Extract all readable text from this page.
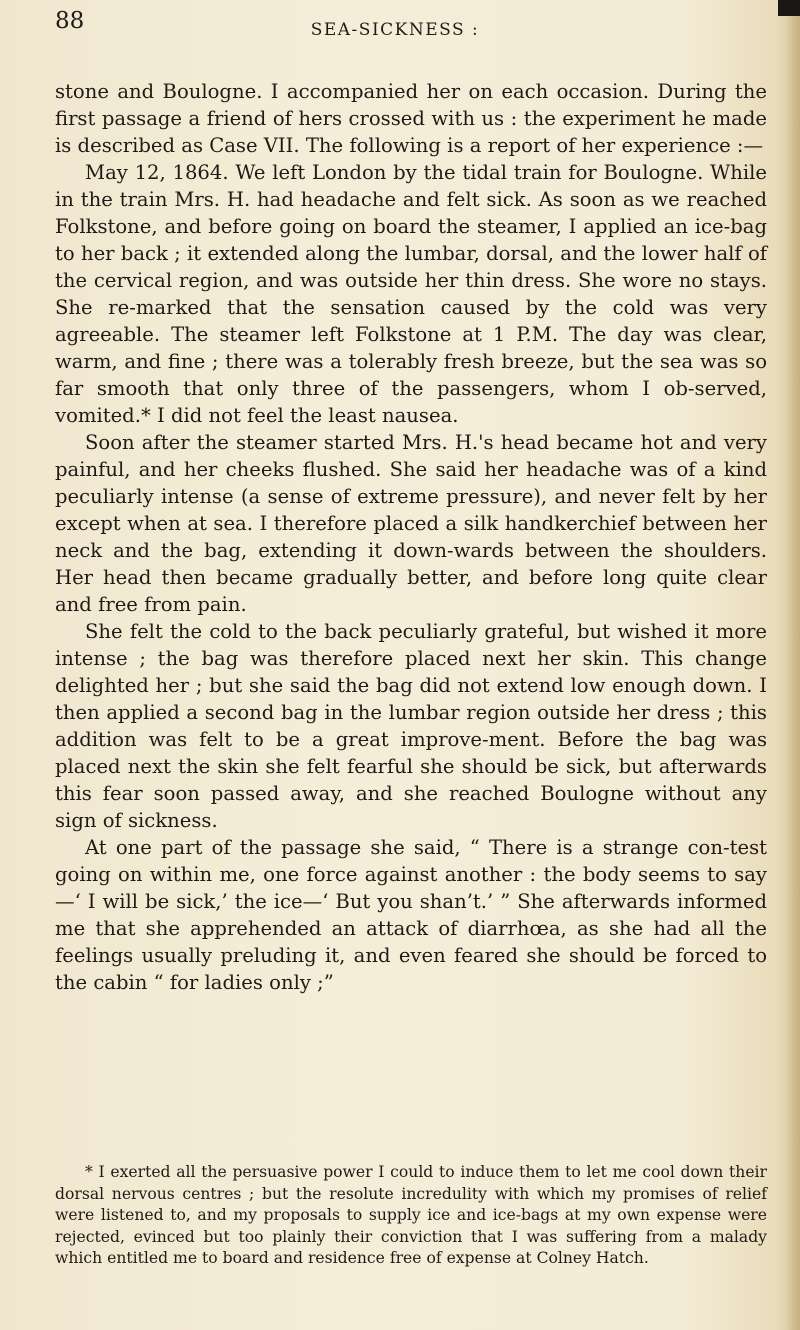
88	SEA-SICKNESS :

stone and Boulogne. I accompanied her on each occasion. During the first passage a friend of hers crossed with us : the experiment he made is described as Case VII. The following is a report of her experience :—

May 12, 1864. We left London by the tidal train for Boulogne. While in the train Mrs. H. had headache and felt sick. As soon as we reached Folkstone, and before going on board the steamer, I applied an ice-bag to her back ; it extended along the lumbar, dorsal, and the lower half of the cervical region, and was outside her thin dress. She wore no stays. She re-marked that the sensation caused by the cold was very agreeable. The steamer left Folkstone at 1 P.M. The day was clear, warm, and fine ; there was a tolerably fresh breeze, but the sea was so far smooth that only three of the passengers, whom I ob-served, vomited.* I did not feel the least nausea.

Soon after the steamer started Mrs. H.'s head became hot and very painful, and her cheeks flushed. She said her headache was of a kind peculiarly intense (a sense of extreme pressure), and never felt by her except when at sea. I therefore placed a silk handkerchief between her neck and the bag, extending it down-wards between the shoulders. Her head then became gradually better, and before long quite clear and free from pain.

She felt the cold to the back peculiarly grateful, but wished it more intense ; the bag was therefore placed next her skin. This change delighted her ; but she said the bag did not extend low enough down. I then applied a second bag in the lumbar region outside her dress ; this addition was felt to be a great improve-ment. Before the bag was placed next the skin she felt fearful she should be sick, but afterwards this fear soon passed away, and she reached Boulogne without any sign of sickness.

At one part of the passage she said, “ There is a strange con-test going on within me, one force against another : the body seems to say—‘ I will be sick,’ the ice—‘ But you shan’t.’ ” She afterwards informed me that she apprehended an attack of diarrhœa, as she had all the feelings usually preluding it, and even feared she should be forced to the cabin “ for ladies only ;”

* I exerted all the persuasive power I could to induce them to let me cool down their dorsal nervous centres ; but the resolute incredulity with which my promises of relief were listened to, and my proposals to supply ice and ice-bags at my own expense were rejected, evinced but too plainly their conviction that I was suffering from a malady which entitled me to board and residence free of expense at Colney Hatch.
